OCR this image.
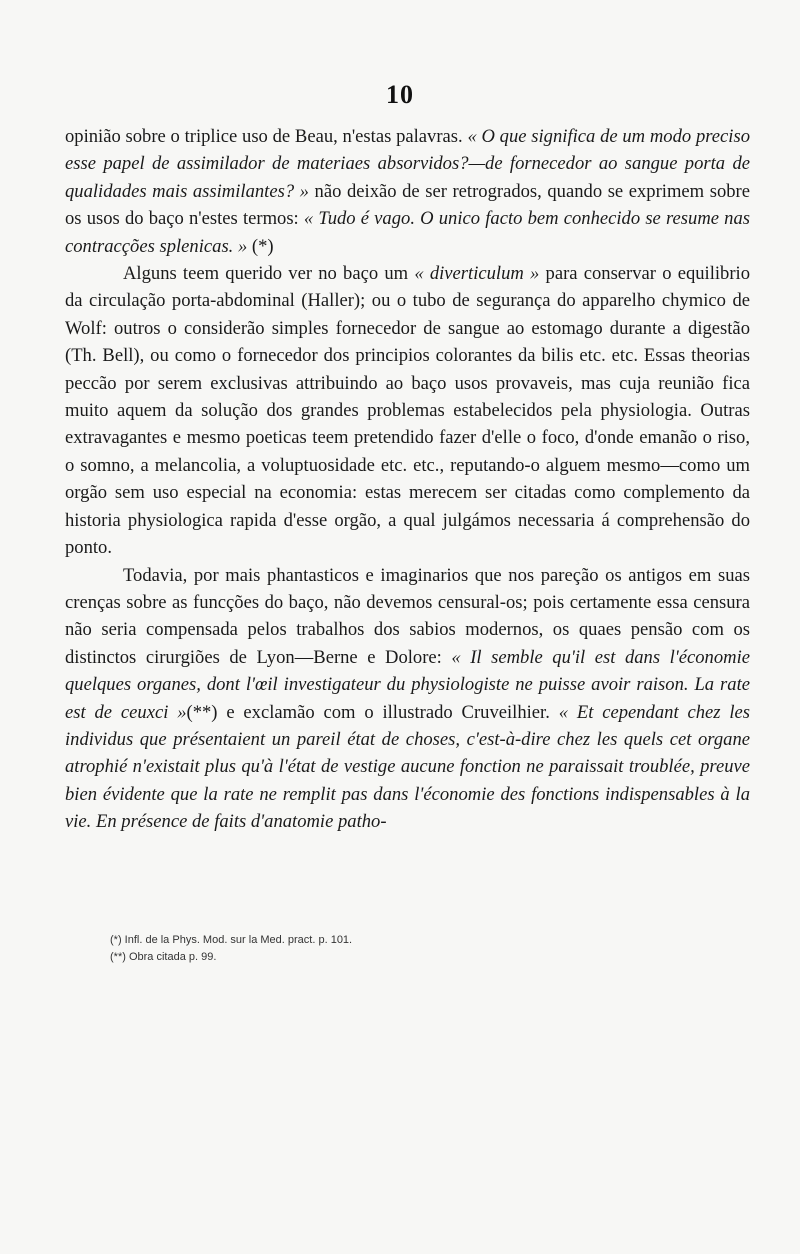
10

opinião sobre o triplice uso de Beau, n'estas palavras. « O que significa de um modo preciso esse papel de assimilador de materiaes absorvidos?—de fornecedor ao sangue porta de qualidades mais assimilantes? » não deixão de ser retrogrados, quando se exprimem sobre os usos do baço n'estes termos: « Tudo é vago. O unico facto bem conhecido se resume nas contracções splenicas. » (*)

Alguns teem querido ver no baço um « diverticulum » para conservar o equilibrio da circulação porta-abdominal (Haller); ou o tubo de segurança do apparelho chymico de Wolf: outros o considerão simples fornecedor de sangue ao estomago durante a digestão (Th. Bell), ou como o fornecedor dos principios colorantes da bilis etc. etc. Essas theorias peccão por serem exclusivas attribuindo ao baço usos provaveis, mas cuja reunião fica muito aquem da solução dos grandes problemas estabelecidos pela physiologia. Outras extravagantes e mesmo poeticas teem pretendido fazer d'elle o foco, d'onde emanão o riso, o somno, a melancolia, a voluptuosidade etc. etc., reputando-o alguem mesmo—como um orgão sem uso especial na economia: estas merecem ser citadas como complemento da historia physiologica rapida d'esse orgão, a qual julgámos necessaria á comprehensão do ponto.

Todavia, por mais phantasticos e imaginarios que nos pareção os antigos em suas crenças sobre as funcções do baço, não devemos censural-os; pois certamente essa censura não seria compensada pelos trabalhos dos sabios modernos, os quaes pensão com os distinctos cirurgiões de Lyon—Berne e Dolore: « Il semble qu'il est dans l'économie quelques organes, dont l'œil investigateur du physiologiste ne puisse avoir raison. La rate est de ceuxci »(**) e exclamão com o illustrado Cruveilhier. « Et cependant chez les individus que présentaient un pareil état de choses, c'est-à-dire chez les quels cet organe atrophié n'existait plus qu'à l'état de vestige aucune fonction ne paraissait troublée, preuve bien évidente que la rate ne remplit pas dans l'économie des fonctions indispensables à la vie. En présence de faits d'anatomie patho-

(*) Infl. de la Phys. Mod. sur la Med. pract. p. 101.
(**) Obra citada p. 99.
